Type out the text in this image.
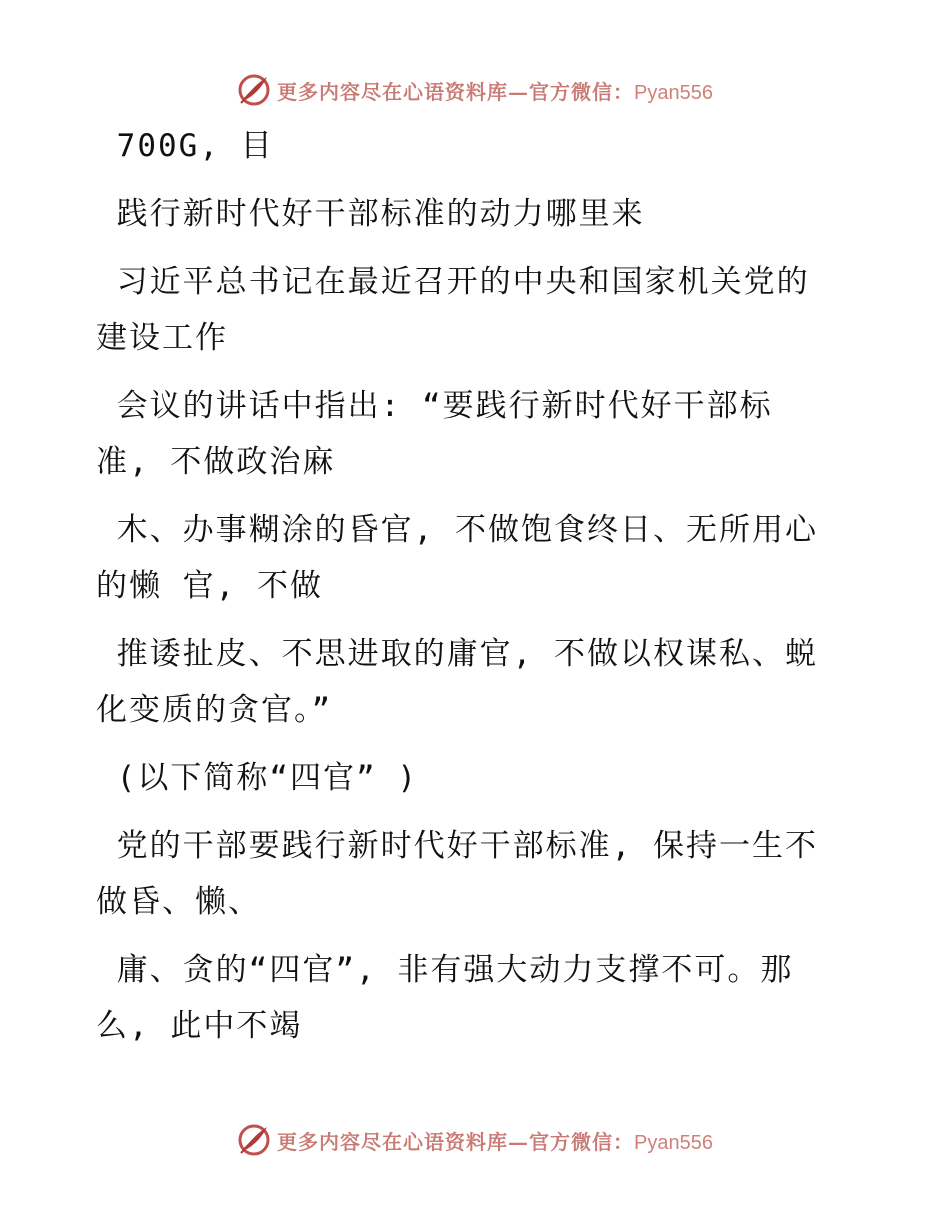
更多内容尽在心语资料库—官方微信：Pyan556
700G, 目
践行新时代好干部标准的动力哪里来
习近平总书记在最近召开的中央和国家机关党的
建设工作
会议的讲话中指出: “要践行新时代好干部标
准, 不做政治麻
木、办事糊涂的昏官, 不做饱食终日、无所用心
的懒 官, 不做
推诿扯皮、不思进取的庸官, 不做以权谋私、蜕
化变质的贪官。”
(以下简称“四官” )
党的干部要践行新时代好干部标准, 保持一生不
做昏、懒、
庸、贪的“四官”, 非有强大动力支撑不可。那
么, 此中不竭
更多内容尽在心语资料库—官方微信：Pyan556
